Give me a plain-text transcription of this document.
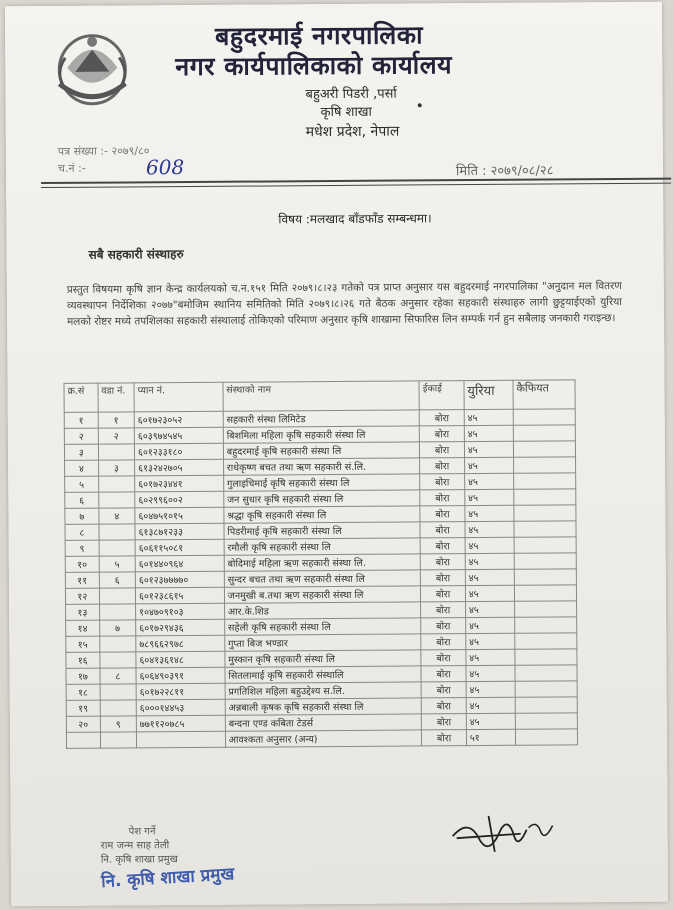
बहुदरमाई नगरपालिका
नगर कार्यपालिकाको कार्यालय
बहुअरी पिडरी ,पर्सा
कृषि शाखा
मधेश प्रदेश, नेपाल
•
पत्र संख्या :- २०७९/८०
च.नं :-	608	मिति : २०७९/०८/२८
विषय :मलखाद बाँडफाँड सम्बन्धमा।
सबै सहकारी संस्थाहरु
प्रस्तुत विषयमा कृषि ज्ञान केन्द्र कार्यलयको च.न.१५१ मिति २०७९।८।२३ गतेको पत्र प्राप्त अनुसार यस बहुदरमाई नगरपालिका "अनुदान मल वितरण व्यवस्थापन निर्देशिका २०७७"बमोजिम स्थानिय समितिको मिति २०७९।८।२६ गते बैठक अनुसार रहेका सहकारी संस्थाहरु लागी छुट्टयाईएको युरिया मलको रोष्टर मध्ये तपशिलका सहकारी संस्थालाई तोकिएको परिमाण अनुसार कृषि शाखामा सिफारिस लिन सम्पर्क गर्न हुन सबैलाइ जनकारी गराइन्छ।
क्र.सं	वडा नं.	प्यान नं.	संस्थाको नाम	ईकाई	युरिया	कैफियत
१	१	६०१७२३०५२	सहकारी संस्था लिमिटेड	बोरा	४५	
२	२	६०३९७४५४५	बिशमिला महिला कृषि सहकारी संस्था लि	बोरा	४५	
३		६०१२३३१८०	बहुदरमाई कृषि सहकारी संस्था लि	बोरा	४५	
४	३	६१३२४२७०५	राधेकृष्ण बचत तथा ऋण सहकारी सं.लि.	बोरा	४५	
५		६०१७२३४४१	गुलाइचिमाई कृषि सहकारी संस्था लि	बोरा	४५	
६		६०२९९६००२	जन सुधार कृषि सहकारी संस्था लि	बोरा	४५	
७	४	६०४७५१०१५	श्रद्धा कृषि सहकारी संस्था लि	बोरा	४५	
८		६१३८७१२३३	पिडरीमाई कृषि सहकारी संस्था लि	बोरा	४५	
९		६०६११५०८१	रमौली कृषि सहकारी संस्था लि	बोरा	४५	
१०	५	६०१४४०९६४	बोदिमाई महिला ऋण सहकारी संस्था लि.	बोरा	४५	
११	६	६०१२३७७७७०	सुन्दर बचत तथा ऋण सहकारी संस्था लि	बोरा	४५	
१२		६०१२३८६१५	जनमुखी ब.तथा ऋण सहकारी संस्था लि	बोरा	४५	
१३		१०४७०९१०३	आर.के.शिड	बोरा	४५	
१४	७	६०१७२९४३६	सहेली कृषि सहकारी संस्था लि	बोरा	४५	
१५		७८९६६२९७८	गुप्ता बिज भण्डार	बोरा	४५	
१६		६०४१३६१४८	मुस्कान कृषि सहकारी संस्था लि	बोरा	४५	
१७	८	६०६४९०३९१	सितलामाई कृषि सहकारी संस्थालि	बोरा	४५	
१८		६०१७२२८११	प्रगतिशिल महिला बहुउद्देश्य स.लि.	बोरा	४५	
१९		६०००१४४५३	अन्नबाली कृषक कृषि सहकारी संस्था लि	बोरा	४५	
२०	९	७७११२०७८५	बन्दना एण्ड कबिता टेडर्स	बोरा	४५	
			आवश्कता अनुसार (अन्य)	बोरा	५१	
पेश गर्ने
राम जन्म साह तेली
नि. कृषि शाखा प्रमुख
नि. कृषि शाखा प्रमुख
